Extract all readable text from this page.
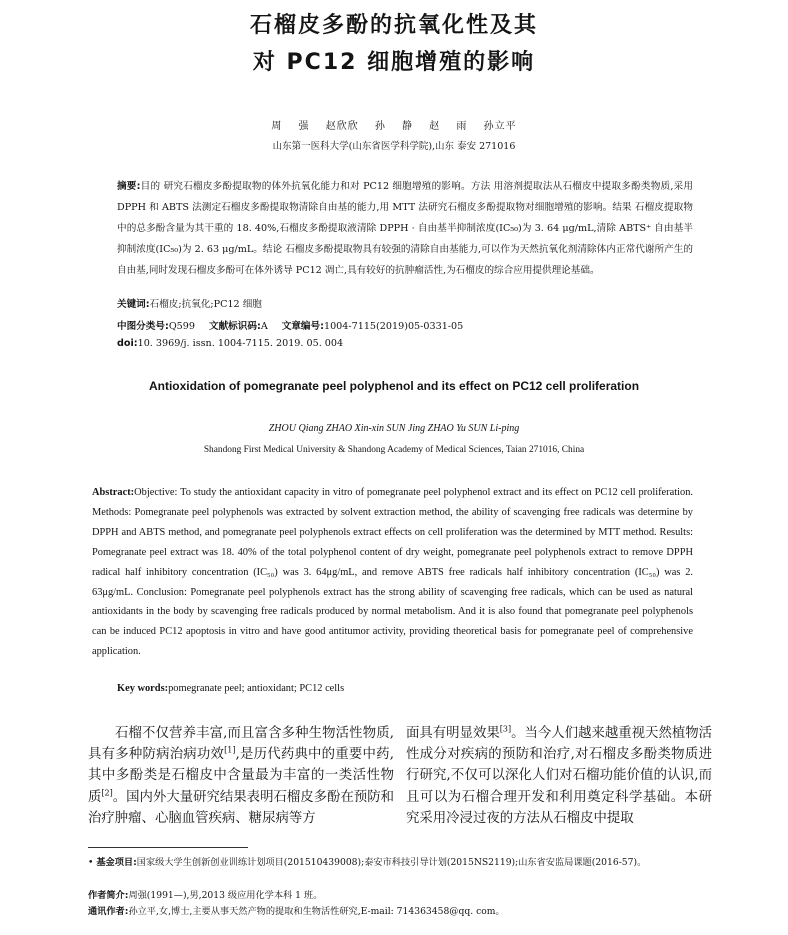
石榴皮多酚的抗氧化性及其
对 PC12 细胞增殖的影响
周 强 赵欣欣 孙 静 赵 雨 孙立平
山东第一医科大学(山东省医学科学院),山东 泰安 271016
摘要:目的 研究石榴皮多酚提取物的体外抗氧化能力和对 PC12 细胞增殖的影响。方法 用溶剂提取法从石榴皮中提取多酚类物质,采用 DPPH 和 ABTS 法测定石榴皮多酚提取物清除自由基的能力,用 MTT 法研究石榴皮多酚提取物对细胞增殖的影响。结果 石榴皮提取物中的总多酚含量为其干重的 18. 40%,石榴皮多酚提取液清除 DPPH · 自由基半抑制浓度(IC₅₀)为 3. 64 μg/mL,清除 ABTS⁺ 自由基半抑制浓度(IC₅₀)为 2. 63 μg/mL。结论 石榴皮多酚提取物具有较强的清除自由基能力,可以作为天然抗氧化剂清除体内正常代谢所产生的自由基,同时发现石榴皮多酚可在体外诱导 PC12 凋亡,具有较好的抗肿瘤活性,为石榴皮的综合应用提供理论基础。
关键词:石榴皮;抗氧化;PC12 细胞
中图分类号:Q599 文献标识码:A 文章编号:1004-7115(2019)05-0331-05
doi:10. 3969/j. issn. 1004-7115. 2019. 05. 004
Antioxidation of pomegranate peel polyphenol and its effect on PC12 cell proliferation
ZHOU Qiang ZHAO Xin-xin SUN Jing ZHAO Yu SUN Li-ping
Shandong First Medical University & Shandong Academy of Medical Sciences, Taian 271016, China
Abstract:Objective: To study the antioxidant capacity in vitro of pomegranate peel polyphenol extract and its effect on PC12 cell proliferation. Methods: Pomegranate peel polyphenols was extracted by solvent extraction method, the ability of scavenging free radicals was determine by DPPH and ABTS method, and pomegranate peel polyphenols extract effects on cell proliferation was the determined by MTT method. Results: Pomegranate peel extract was 18. 40% of the total polyphenol content of dry weight, pomegranate peel polyphenols extract to remove DPPH radical half inhibitory concentration (IC₅₀) was 3. 64μg/mL, and remove ABTS free radicals half inhibitory concentration (IC₅₀) was 2. 63μg/mL. Conclusion: Pomegranate peel polyphenols extract has the strong ability of scavenging free radicals, which can be used as natural antioxidants in the body by scavenging free radicals produced by normal metabolism. And it is also found that pomegranate peel polyphenols can be induced PC12 apoptosis in vitro and have good antitumor activity, providing theoretical basis for pomegranate peel of comprehensive application.
Key words:pomegranate peel; antioxidant; PC12 cells
石榴不仅营养丰富,而且富含多种生物活性物质,具有多种防病治病功效[1],是历代药典中的重要中药,其中多酚类是石榴皮中含量最为丰富的一类活性物质[2]。国内外大量研究结果表明石榴皮多酚在预防和治疗肿瘤、心脑血管疾病、糖尿病等方
面具有明显效果[3]。当今人们越来越重视天然植物活性成分对疾病的预防和治疗,对石榴皮多酚类物质进行研究,不仅可以深化人们对石榴功能价值的认识,而且可以为石榴合理开发和利用奠定科学基础。本研究采用冷浸过夜的方法从石榴皮中提取
• 基金项目:国家级大学生创新创业训练计划项目(201510439008);泰安市科技引导计划(2015NS2119);山东省安监局课题(2016-57)。
作者简介:周强(1991—),男,2013 级应用化学本科 1 班。
通讯作者:孙立平,女,博士,主要从事天然产物的提取和生物活性研究,E-mail: 714363458@qq. com。
